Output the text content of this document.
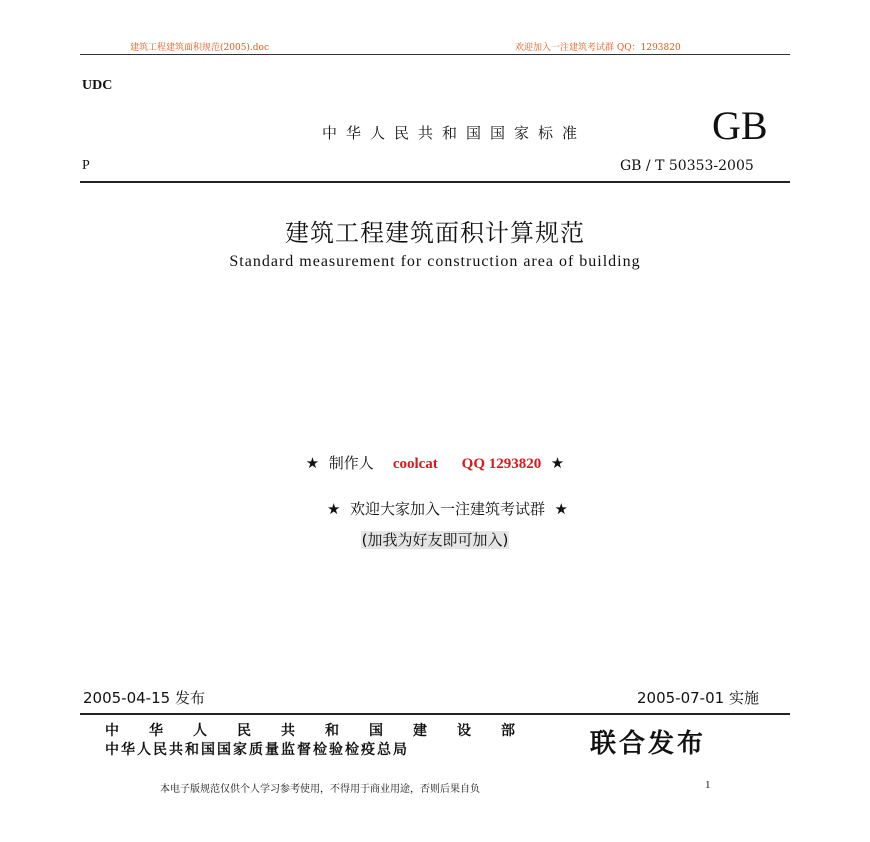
建筑工程建筑面积规范(2005).doc	欢迎加入一注建筑考试群 QQ：1293820
UDC
中华人民共和国国家标准	GB
P	GB / T 50353-2005
建筑工程建筑面积计算规范
Standard measurement for construction area of building
★ 制作人 coolcat QQ 1293820 ★
★ 欢迎大家加入一注建筑考试群 ★
(加我为好友即可加入)
2005-04-15 发布	2005-07-01 实施
中华人民共和国建设部
中华人民共和国国家质量监督检验检疫总局	联合发布
本电子版规范仅供个人学习参考使用，不得用于商业用途，否则后果自负	1
